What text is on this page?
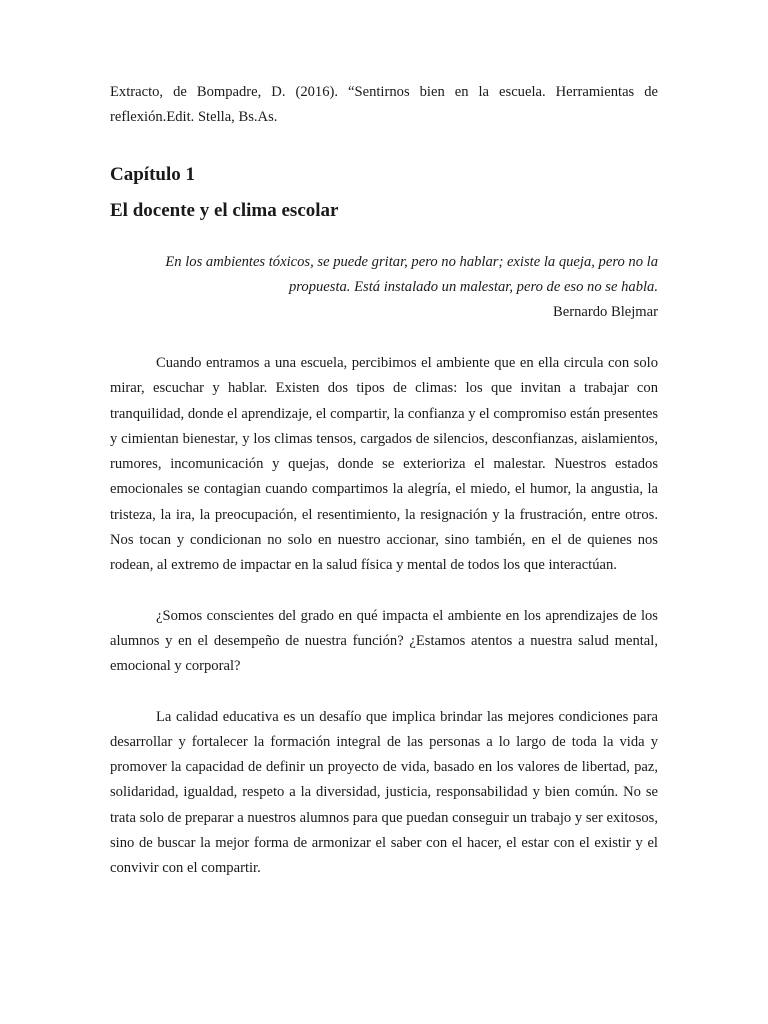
Extracto, de Bompadre, D. (2016). “Sentirnos bien en la escuela. Herramientas de reflexión.Edit. Stella, Bs.As.

Capítulo 1
El docente y el clima escolar

En los ambientes tóxicos, se puede gritar, pero no hablar; existe la queja, pero no la propuesta. Está instalado un malestar, pero de eso no se habla.

Bernardo Blejmar

Cuando entramos a una escuela, percibimos el ambiente que en ella circula con solo mirar, escuchar y hablar. Existen dos tipos de climas: los que invitan a trabajar con tranquilidad, donde el aprendizaje, el compartir, la confianza y el compromiso están presentes y cimientan bienestar, y los climas tensos, cargados de silencios, desconfianzas, aislamientos, rumores, incomunicación y quejas, donde se exterioriza el malestar. Nuestros estados emocionales se contagian cuando compartimos la alegría, el miedo, el humor, la angustia, la tristeza, la ira, la preocupación, el resentimiento, la resignación y la frustración, entre otros. Nos tocan y condicionan no solo en nuestro accionar, sino también, en el de quienes nos rodean, al extremo de impactar en la salud física y mental de todos los que interactúan.

¿Somos conscientes del grado en qué impacta el ambiente en los aprendizajes de los alumnos y en el desempeño de nuestra función? ¿Estamos atentos a nuestra salud mental, emocional y corporal?

La calidad educativa es un desafío que implica brindar las mejores condiciones para desarrollar y fortalecer la formación integral de las personas a lo largo de toda la vida y promover la capacidad de definir un proyecto de vida, basado en los valores de libertad, paz, solidaridad, igualdad, respeto a la diversidad, justicia, responsabilidad y bien común. No se trata solo de preparar a nuestros alumnos para que puedan conseguir un trabajo y ser exitosos, sino de buscar la mejor forma de armonizar el saber con el hacer, el estar con el existir y el convivir con el compartir.
